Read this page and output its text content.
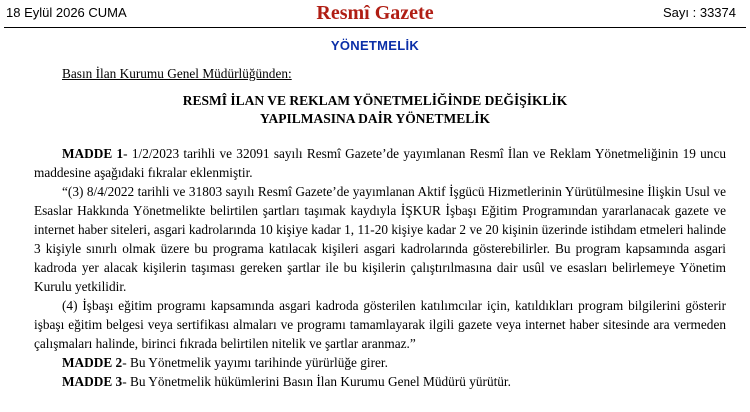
18 Eylül 2026 CUMA	Resmî Gazete	Sayı : 33374
YÖNETMELİK
Basın İlan Kurumu Genel Müdürlüğünden:
RESMÎ İLAN VE REKLAM YÖNETMELİĞİNDE DEĞİŞİKLİK
YAPILMASINA DAİR YÖNETMELİK

MADDE 1- 1/2/2023 tarihli ve 32091 sayılı Resmî Gazete’de yayımlanan Resmî İlan ve Reklam Yönetmeliğinin 19 uncu maddesine aşağıdaki fıkralar eklenmiştir.

“(3) 8/4/2022 tarihli ve 31803 sayılı Resmî Gazete’de yayımlanan Aktif İşgücü Hizmetlerinin Yürütülmesine İlişkin Usul ve Esaslar Hakkında Yönetmelikte belirtilen şartları taşımak kaydıyla İŞKUR İşbaşı Eğitim Programından yararlanacak gazete ve internet haber siteleri, asgari kadrolarında 10 kişiye kadar 1, 11-20 kişiye kadar 2 ve 20 kişinin üzerinde istihdam etmeleri halinde 3 kişiyle sınırlı olmak üzere bu programa katılacak kişileri asgari kadrolarında gösterebilirler. Bu program kapsamında asgari kadroda yer alacak kişilerin taşıması gereken şartlar ile bu kişilerin çalıştırılmasına dair usûl ve esasları belirlemeye Yönetim Kurulu yetkilidir.

(4) İşbaşı eğitim programı kapsamında asgari kadroda gösterilen katılımcılar için, katıldıkları program bilgilerini gösterir işbaşı eğitim belgesi veya sertifikası almaları ve programı tamamlayarak ilgili gazete veya internet haber sitesinde ara vermeden çalışmaları halinde, birinci fıkrada belirtilen nitelik ve şartlar aranmaz.”

MADDE 2- Bu Yönetmelik yayımı tarihinde yürürlüğe girer.

MADDE 3- Bu Yönetmelik hükümlerini Basın İlan Kurumu Genel Müdürü yürütür.
